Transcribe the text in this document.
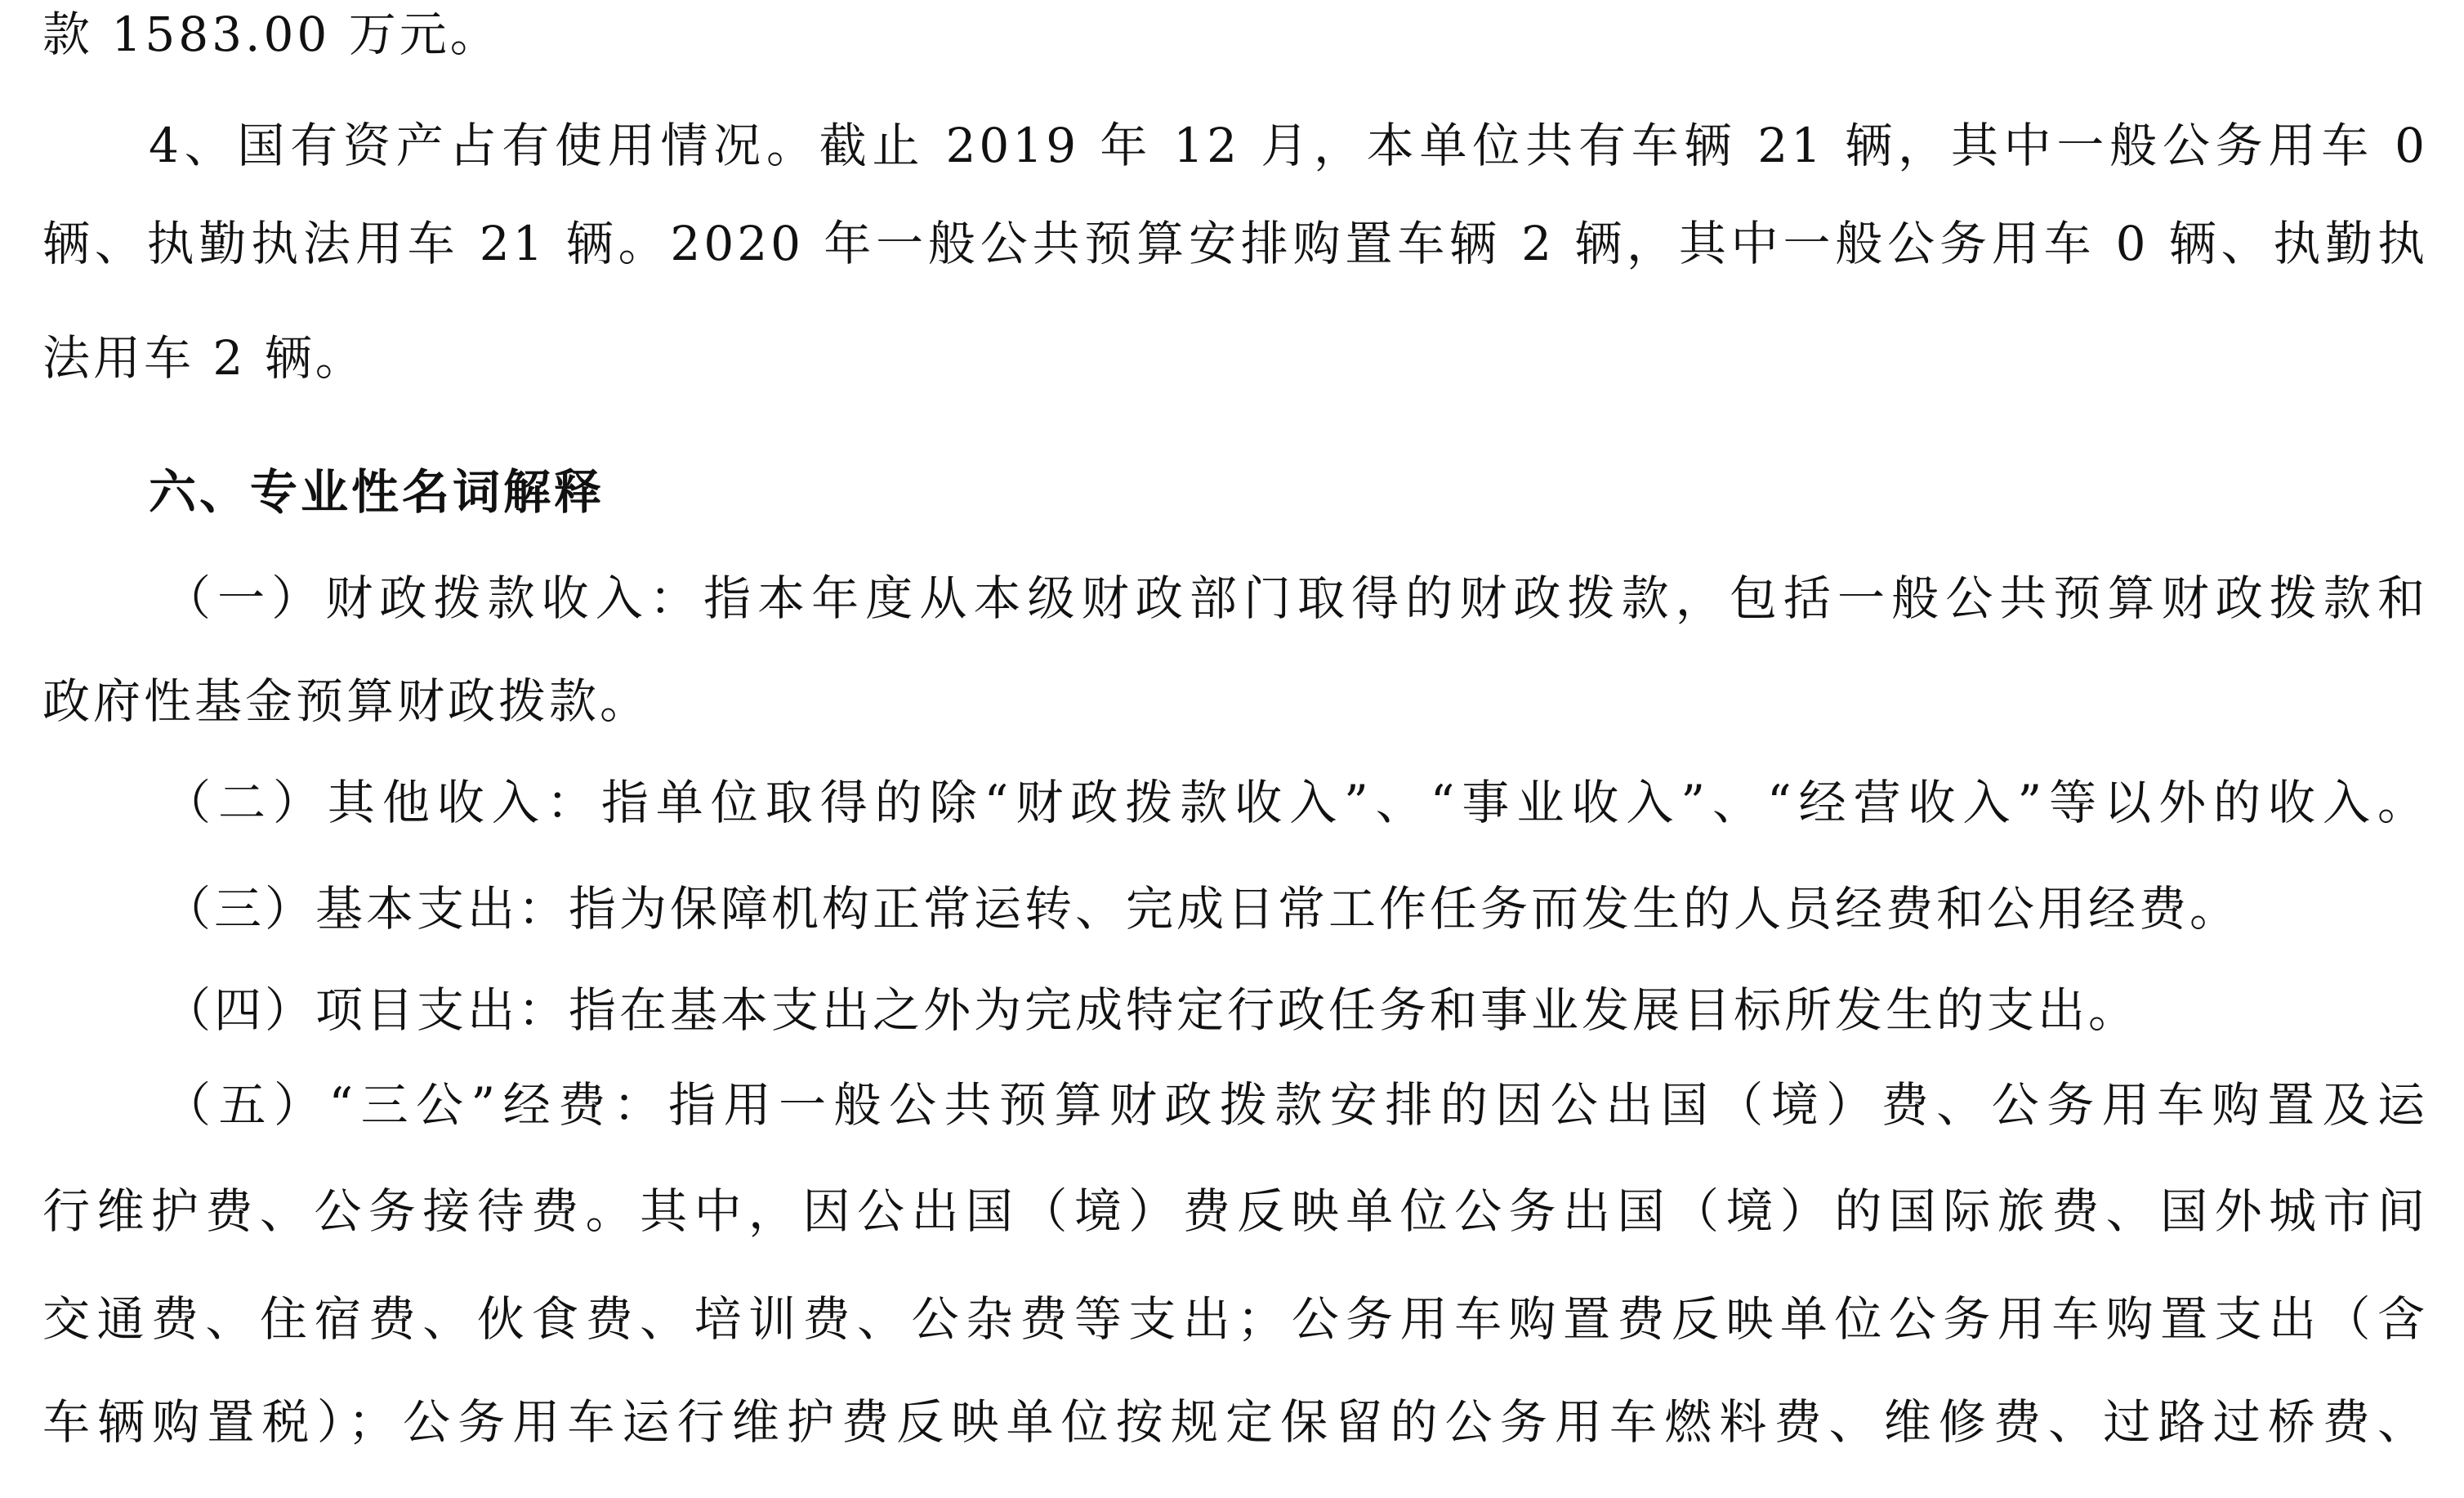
款 1583.00 万元。
4、国有资产占有使用情况。截止 2019 年 12 月，本单位共有车辆 21 辆，其中一般公务用车 0
辆、执勤执法用车 21 辆。2020 年一般公共预算安排购置车辆 2 辆，其中一般公务用车 0 辆、执勤执
法用车 2 辆。
六、专业性名词解释
（一）财政拨款收入：指本年度从本级财政部门取得的财政拨款，包括一般公共预算财政拨款和
政府性基金预算财政拨款。
（二）其他收入：指单位取得的除“财政拨款收入”、“事业收入”、“经营收入”等以外的收入。
（三）基本支出：指为保障机构正常运转、完成日常工作任务而发生的人员经费和公用经费。
（四）项目支出：指在基本支出之外为完成特定行政任务和事业发展目标所发生的支出。
（五）“三公”经费：指用一般公共预算财政拨款安排的因公出国（境）费、公务用车购置及运
行维护费、公务接待费。其中，因公出国（境）费反映单位公务出国（境）的国际旅费、国外城市间
交通费、住宿费、伙食费、培训费、公杂费等支出；公务用车购置费反映单位公务用车购置支出（含
车辆购置税）；公务用车运行维护费反映单位按规定保留的公务用车燃料费、维修费、过路过桥费、
